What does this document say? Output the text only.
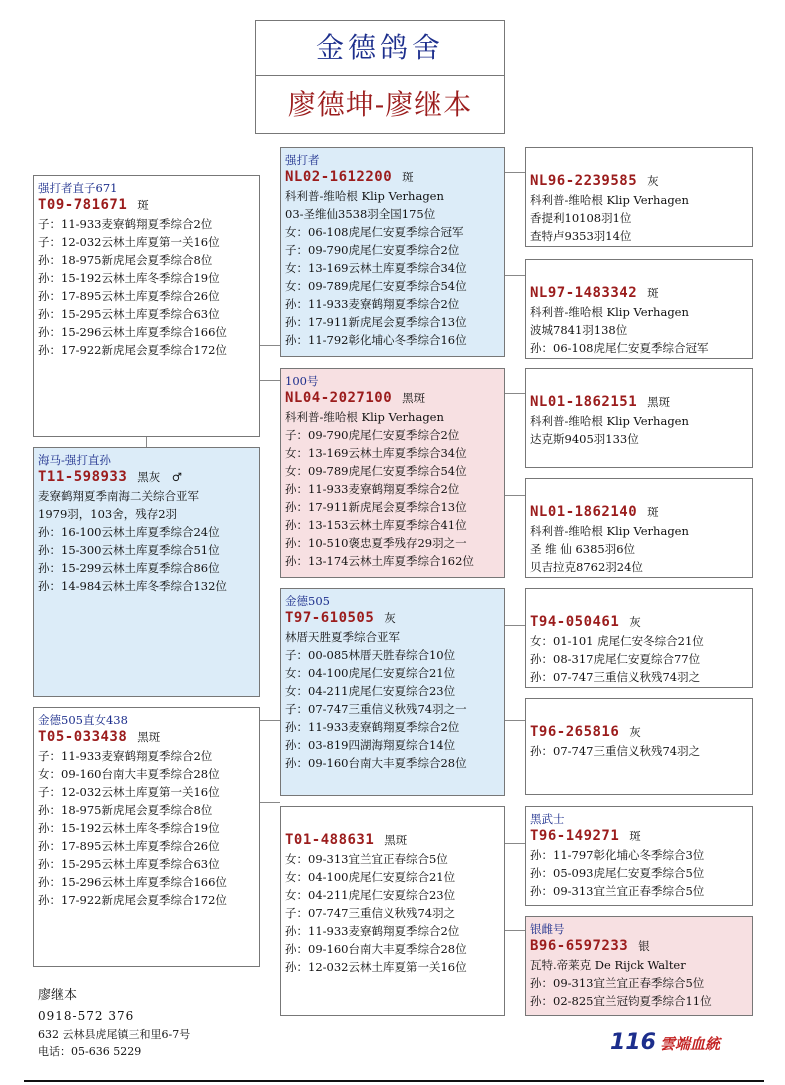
金德鸽舍
廖德坤-廖继本
强打者直子671
T09-781671 斑
子：11-933麦寮鹤翔夏季综合2位
子：12-032云林土库夏第一关16位
孙：18-975新虎尾会夏季综合8位
孙：15-192云林土库冬季综合19位
孙：17-895云林土库夏季综合26位
孙：15-295云林土库夏季综合63位
孙：15-296云林土库夏季综合166位
孙：17-922新虎尾会夏季综合172位
强打者
NL02-1612200 斑
科利普-维哈根 Klip Verhagen
03-圣维仙3538羽全国175位
女：06-108虎尾仁安夏季综合冠军
子：09-790虎尾仁安夏季综合2位
女：13-169云林土库夏季综合34位
女：09-789虎尾仁安夏季综合54位
孙：11-933麦寮鹤翔夏季综合2位
孙：17-911新虎尾会夏季综合13位
孙：11-792彰化埔心冬季综合16位
NL96-2239585 灰
科利普-维哈根 Klip Verhagen
香提利10108羽1位
查特卢9353羽14位
NL97-1483342 斑
科利普-维哈根 Klip Verhagen
波城7841羽138位
孙：06-108虎尾仁安夏季综合冠军
100号
NL04-2027100 黑斑
科利普-维哈根 Klip Verhagen
子：09-790虎尾仁安夏季综合2位
女：13-169云林土库夏季综合34位
女：09-789虎尾仁安夏季综合54位
孙：11-933麦寮鹤翔夏季综合2位
孙：17-911新虎尾会夏季综合13位
孙：13-153云林土库夏季综合41位
孙：10-510褒忠夏季残存29羽之一
孙：13-174云林土库夏季综合162位
NL01-1862151 黑斑
科利普-维哈根 Klip Verhagen
达克斯9405羽133位
NL01-1862140 斑
科利普-维哈根 Klip Verhagen
圣 维 仙 6385羽6位
贝吉拉克8762羽24位
海马-强打直孙
T11-598933 黑灰　♂
麦寮鹤翔夏季南海二关综合亚军
1979羽，103舍，残存2羽
孙：16-100云林土库夏季综合24位
孙：15-300云林土库夏季综合51位
孙：15-299云林土库夏季综合86位
孙：14-984云林土库冬季综合132位
金德505
T97-610505 灰
林厝天胜夏季综合亚军
子：00-085林厝天胜春综合10位
女：04-100虎尾仁安夏综合21位
女：04-211虎尾仁安夏综合23位
子：07-747三重信义秋残74羽之一
孙：11-933麦寮鹤翔夏季综合2位
孙：03-819四湖海翔夏综合14位
孙：09-160台南大丰夏季综合28位
T94-050461 灰
女：01-101 虎尾仁安冬综合21位
孙：08-317虎尾仁安夏综合77位
孙：07-747三重信义秋残74羽之
T96-265816 灰
孙：07-747三重信义秋残74羽之
金德505直女438
T05-033438 黑斑
子：11-933麦寮鹤翔夏季综合2位
女：09-160台南大丰夏季综合28位
子：12-032云林土库夏第一关16位
孙：18-975新虎尾会夏季综合8位
孙：15-192云林土库冬季综合19位
孙：17-895云林土库夏季综合26位
孙：15-295云林土库夏季综合63位
孙：15-296云林土库夏季综合166位
孙：17-922新虎尾会夏季综合172位
T01-488631 黑斑
女：09-313宜兰宜正春综合5位
女：04-100虎尾仁安夏综合21位
女：04-211虎尾仁安夏综合23位
子：07-747三重信义秋残74羽之
孙：11-933麦寮鹤翔夏季综合2位
孙：09-160台南大丰夏季综合28位
孙：12-032云林土库夏第一关16位
黑武士
T96-149271 斑
孙：11-797彰化埔心冬季综合3位
孙：05-093虎尾仁安夏季综合5位
孙：09-313宜兰宜正春季综合5位
银雌号
B96-6597233 银
瓦特.帝莱克 De Rijck Walter
孙：09-313宜兰宜正春季综合5位
孙：02-825宜兰冠钧夏季综合11位
廖继本
0918-572 376
632 云林县虎尾镇三和里6-7号
电话：05-636 5229	116 雲端血統
